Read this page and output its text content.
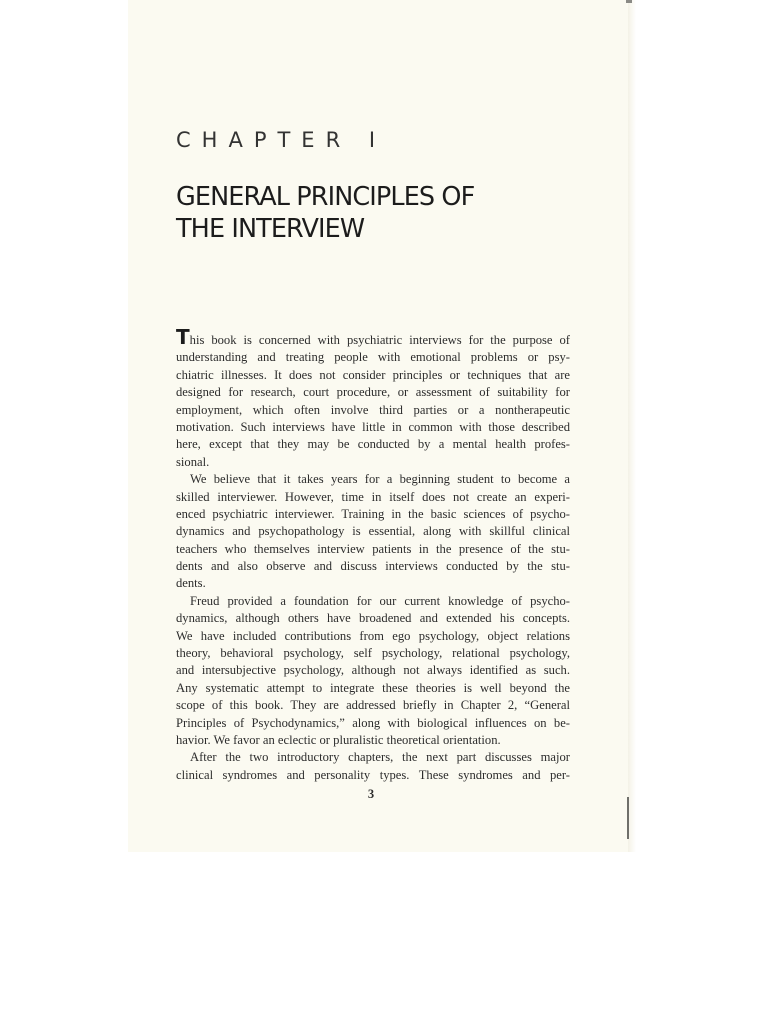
CHAPTER I
GENERAL PRINCIPLES OF
THE INTERVIEW
This book is concerned with psychiatric interviews for the purpose of
understanding and treating people with emotional problems or psy-
chiatric illnesses. It does not consider principles or techniques that are
designed for research, court procedure, or assessment of suitability for
employment, which often involve third parties or a nontherapeutic
motivation. Such interviews have little in common with those described
here, except that they may be conducted by a mental health profes-
sional.
We believe that it takes years for a beginning student to become a
skilled interviewer. However, time in itself does not create an experi-
enced psychiatric interviewer. Training in the basic sciences of psycho-
dynamics and psychopathology is essential, along with skillful clinical
teachers who themselves interview patients in the presence of the stu-
dents and also observe and discuss interviews conducted by the stu-
dents.
Freud provided a foundation for our current knowledge of psycho-
dynamics, although others have broadened and extended his concepts.
We have included contributions from ego psychology, object relations
theory, behavioral psychology, self psychology, relational psychology,
and intersubjective psychology, although not always identified as such.
Any systematic attempt to integrate these theories is well beyond the
scope of this book. They are addressed briefly in Chapter 2, “General
Principles of Psychodynamics,” along with biological influences on be-
havior. We favor an eclectic or pluralistic theoretical orientation.
After the two introductory chapters, the next part discusses major
clinical syndromes and personality types. These syndromes and per-
3
